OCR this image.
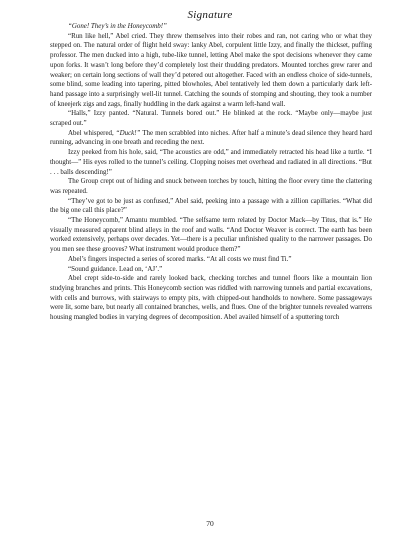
Signature

“Gone! They’s in the Honeycomb!”

“Run like hell,” Abel cried. They threw themselves into their robes and ran, not caring who or what they stepped on. The natural order of flight held sway: lanky Abel, corpulent little Izzy, and finally the thickset, puffing professor. The men ducked into a high, tube-like tunnel, letting Abel make the spot decisions whenever they came upon forks. It wasn’t long before they’d completely lost their thudding predators. Mounted torches grew rarer and weaker; on certain long sections of wall they’d petered out altogether. Faced with an endless choice of side-tunnels, some blind, some leading into tapering, pitted blowholes, Abel tentatively led them down a particularly dark left-hand passage into a surprisingly well-lit tunnel. Catching the sounds of stomping and shouting, they took a number of kneejerk zigs and zags, finally huddling in the dark against a warm left-hand wall.

“Halls,” Izzy panted. “Natural. Tunnels bored out.” He blinked at the rock. “Maybe only—maybe just scraped out.”

Abel whispered, “Duck!” The men scrabbled into niches. After half a minute’s dead silence they heard hard running, advancing in one breath and receding the next.

Izzy peeked from his hole, said, “The acoustics are odd,” and immediately retracted his head like a turtle. “I thought—” His eyes rolled to the tunnel’s ceiling. Clopping noises met overhead and radiated in all directions. “But . . . balls descending!”

The Group crept out of hiding and snuck between torches by touch, hitting the floor every time the clattering was repeated.

“They’ve got to be just as confused,” Abel said, peeking into a passage with a zillion capillaries. “What did the big one call this place?”

“The Honeycomb,” Amantu mumbled. “The selfsame term related by Doctor Mack—by Titus, that is.” He visually measured apparent blind alleys in the roof and walls. “And Doctor Weaver is correct. The earth has been worked extensively, perhaps over decades. Yet—there is a peculiar unfinished quality to the narrower passages. Do you men see these grooves? What instrument would produce them?”

Abel’s fingers inspected a series of scored marks. “At all costs we must find Ti.”

“Sound guidance. Lead on, ‘AJ’.”

Abel crept side-to-side and rarely looked back, checking torches and tunnel floors like a mountain lion studying branches and prints. This Honeycomb section was riddled with narrowing tunnels and partial excavations, with cells and burrows, with stairways to empty pits, with chipped-out handholds to nowhere. Some passageways were lit, some bare, but nearly all contained branches, wells, and flues. One of the brighter tunnels revealed warrens housing mangled bodies in varying degrees of decomposition. Abel availed himself of a sputtering torch

70
